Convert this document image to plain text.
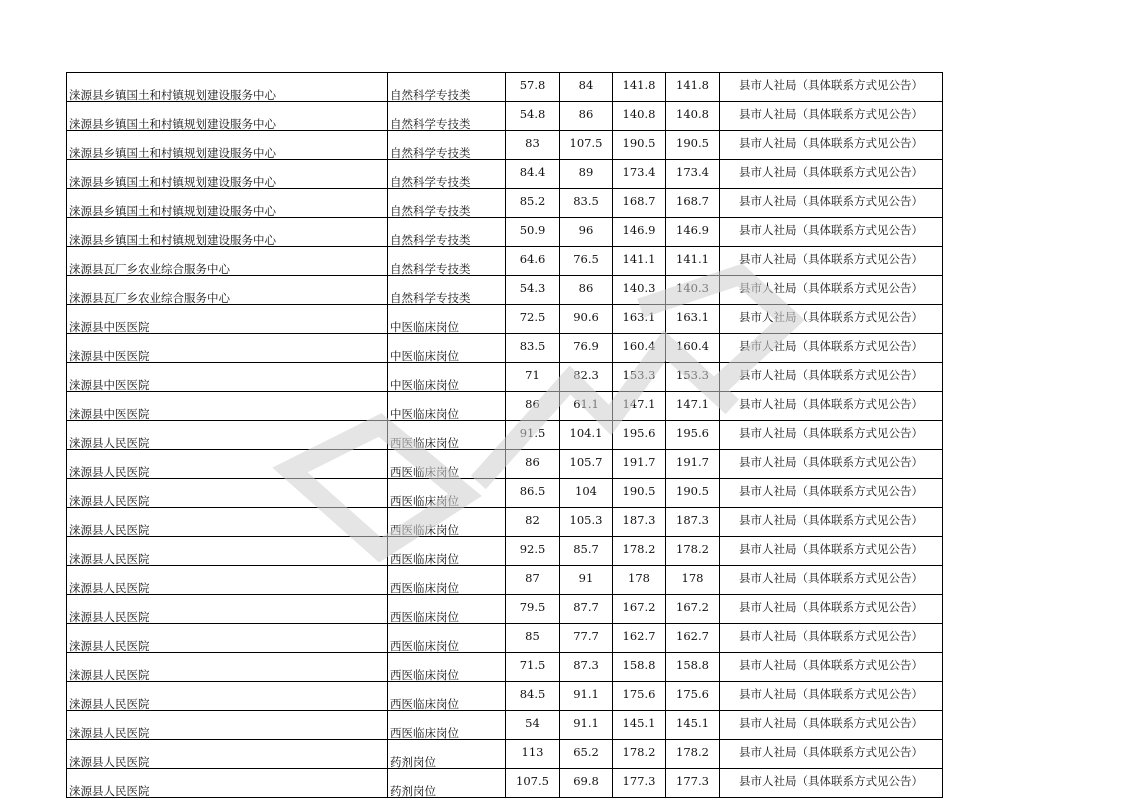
涞源县乡镇国土和村镇规划建设服务中心	自然科学专技类	57.8	84	141.8	141.8	县市人社局（具体联系方式见公告）
涞源县乡镇国土和村镇规划建设服务中心	自然科学专技类	54.8	86	140.8	140.8	县市人社局（具体联系方式见公告）
涞源县乡镇国土和村镇规划建设服务中心	自然科学专技类	83	107.5	190.5	190.5	县市人社局（具体联系方式见公告）
涞源县乡镇国土和村镇规划建设服务中心	自然科学专技类	84.4	89	173.4	173.4	县市人社局（具体联系方式见公告）
涞源县乡镇国土和村镇规划建设服务中心	自然科学专技类	85.2	83.5	168.7	168.7	县市人社局（具体联系方式见公告）
涞源县乡镇国土和村镇规划建设服务中心	自然科学专技类	50.9	96	146.9	146.9	县市人社局（具体联系方式见公告）
涞源县瓦厂乡农业综合服务中心	自然科学专技类	64.6	76.5	141.1	141.1	县市人社局（具体联系方式见公告）
涞源县瓦厂乡农业综合服务中心	自然科学专技类	54.3	86	140.3	140.3	县市人社局（具体联系方式见公告）
涞源县中医医院	中医临床岗位	72.5	90.6	163.1	163.1	县市人社局（具体联系方式见公告）
涞源县中医医院	中医临床岗位	83.5	76.9	160.4	160.4	县市人社局（具体联系方式见公告）
涞源县中医医院	中医临床岗位	71	82.3	153.3	153.3	县市人社局（具体联系方式见公告）
涞源县中医医院	中医临床岗位	86	61.1	147.1	147.1	县市人社局（具体联系方式见公告）
涞源县人民医院	西医临床岗位	91.5	104.1	195.6	195.6	县市人社局（具体联系方式见公告）
涞源县人民医院	西医临床岗位	86	105.7	191.7	191.7	县市人社局（具体联系方式见公告）
涞源县人民医院	西医临床岗位	86.5	104	190.5	190.5	县市人社局（具体联系方式见公告）
涞源县人民医院	西医临床岗位	82	105.3	187.3	187.3	县市人社局（具体联系方式见公告）
涞源县人民医院	西医临床岗位	92.5	85.7	178.2	178.2	县市人社局（具体联系方式见公告）
涞源县人民医院	西医临床岗位	87	91	178	178	县市人社局（具体联系方式见公告）
涞源县人民医院	西医临床岗位	79.5	87.7	167.2	167.2	县市人社局（具体联系方式见公告）
涞源县人民医院	西医临床岗位	85	77.7	162.7	162.7	县市人社局（具体联系方式见公告）
涞源县人民医院	西医临床岗位	71.5	87.3	158.8	158.8	县市人社局（具体联系方式见公告）
涞源县人民医院	西医临床岗位	84.5	91.1	175.6	175.6	县市人社局（具体联系方式见公告）
涞源县人民医院	西医临床岗位	54	91.1	145.1	145.1	县市人社局（具体联系方式见公告）
涞源县人民医院	药剂岗位	113	65.2	178.2	178.2	县市人社局（具体联系方式见公告）
涞源县人民医院	药剂岗位	107.5	69.8	177.3	177.3	县市人社局（具体联系方式见公告）
